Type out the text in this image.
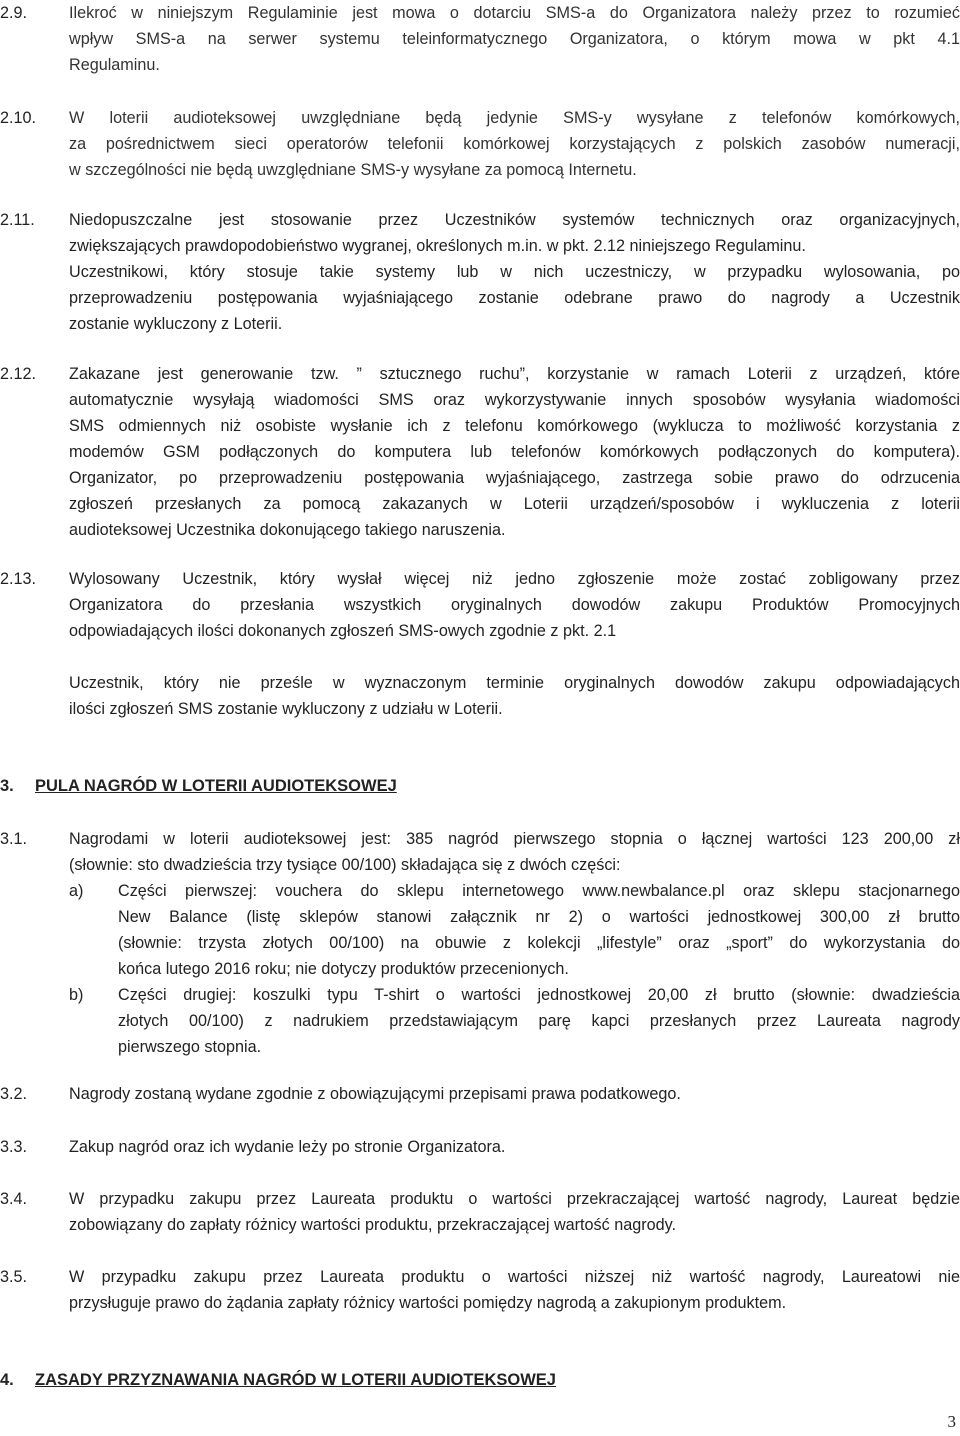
2.9.	Ilekroć w niniejszym Regulaminie jest mowa o dotarciu SMS-a do Organizatora należy przez to rozumieć
wpływ SMS-a na serwer systemu teleinformatycznego Organizatora, o którym mowa w pkt 4.1
Regulaminu.
2.10.	W loterii audioteksowej uwzględniane będą jedynie SMS-y wysyłane z telefonów komórkowych,
za pośrednictwem sieci operatorów telefonii komórkowej korzystających z polskich zasobów numeracji,
w szczególności nie będą uwzględniane SMS-y wysyłane za pomocą Internetu.
2.11.	Niedopuszczalne jest stosowanie przez Uczestników systemów technicznych oraz organizacyjnych,
zwiększających prawdopodobieństwo wygranej, określonych m.in. w pkt. 2.12 niniejszego Regulaminu.
Uczestnikowi, który stosuje takie systemy lub w nich uczestniczy, w przypadku wylosowania, po
przeprowadzeniu postępowania wyjaśniającego zostanie odebrane prawo do nagrody a Uczestnik
zostanie wykluczony z Loterii.
2.12.	Zakazane jest generowanie tzw. ” sztucznego ruchu”, korzystanie w ramach Loterii z urządzeń, które
automatycznie wysyłają wiadomości SMS oraz wykorzystywanie innych sposobów wysyłania wiadomości
SMS odmiennych niż osobiste wysłanie ich z telefonu komórkowego (wyklucza to możliwość korzystania z
modemów GSM podłączonych do komputera lub telefonów komórkowych podłączonych do komputera).
Organizator, po przeprowadzeniu postępowania wyjaśniającego, zastrzega sobie prawo do odrzucenia
zgłoszeń przesłanych za pomocą zakazanych w Loterii urządzeń/sposobów i wykluczenia z loterii
audioteksowej Uczestnika dokonującego takiego naruszenia.
2.13.	Wylosowany Uczestnik, który wysłał więcej niż jedno zgłoszenie może zostać zobligowany przez
Organizatora do przesłania wszystkich oryginalnych dowodów zakupu Produktów Promocyjnych
odpowiadających ilości dokonanych zgłoszeń SMS-owych zgodnie z pkt. 2.1
Uczestnik, który nie prześle w wyznaczonym terminie oryginalnych dowodów zakupu odpowiadających
ilości zgłoszeń SMS zostanie wykluczony z udziału w Loterii.
3.	PULA NAGRÓD W LOTERII AUDIOTEKSOWEJ
3.1.	Nagrodami w loterii audioteksowej jest: 385 nagród pierwszego stopnia o łącznej wartości 123 200,00 zł
(słownie: sto dwadzieścia trzy tysiące 00/100) składająca się z dwóch części:
a) Części pierwszej: vouchera do sklepu internetowego www.newbalance.pl oraz sklepu stacjonarnego
New Balance (listę sklepów stanowi załącznik nr 2) o wartości jednostkowej 300,00 zł brutto
(słownie: trzysta złotych 00/100) na obuwie z kolekcji „lifestyle” oraz „sport” do wykorzystania do
końca lutego 2016 roku; nie dotyczy produktów przecenionych.
b) Części drugiej: koszulki typu T-shirt o wartości jednostkowej 20,00 zł brutto (słownie: dwadzieścia
złotych 00/100) z nadrukiem przedstawiającym parę kapci przesłanych przez Laureata nagrody
pierwszego stopnia.
3.2.	Nagrody zostaną wydane zgodnie z obowiązującymi przepisami prawa podatkowego.
3.3.	Zakup nagród oraz ich wydanie leży po stronie Organizatora.
3.4.	W przypadku zakupu przez Laureata produktu o wartości przekraczającej wartość nagrody, Laureat będzie
zobowiązany do zapłaty różnicy wartości produktu, przekraczającej wartość nagrody.
3.5.	W przypadku zakupu przez Laureata produktu o wartości niższej niż wartość nagrody, Laureatowi nie
przysługuje prawo do żądania zapłaty różnicy wartości pomiędzy nagrodą a zakupionym produktem.
4.	ZASADY PRZYZNAWANIA NAGRÓD W LOTERII AUDIOTEKSOWEJ
3
